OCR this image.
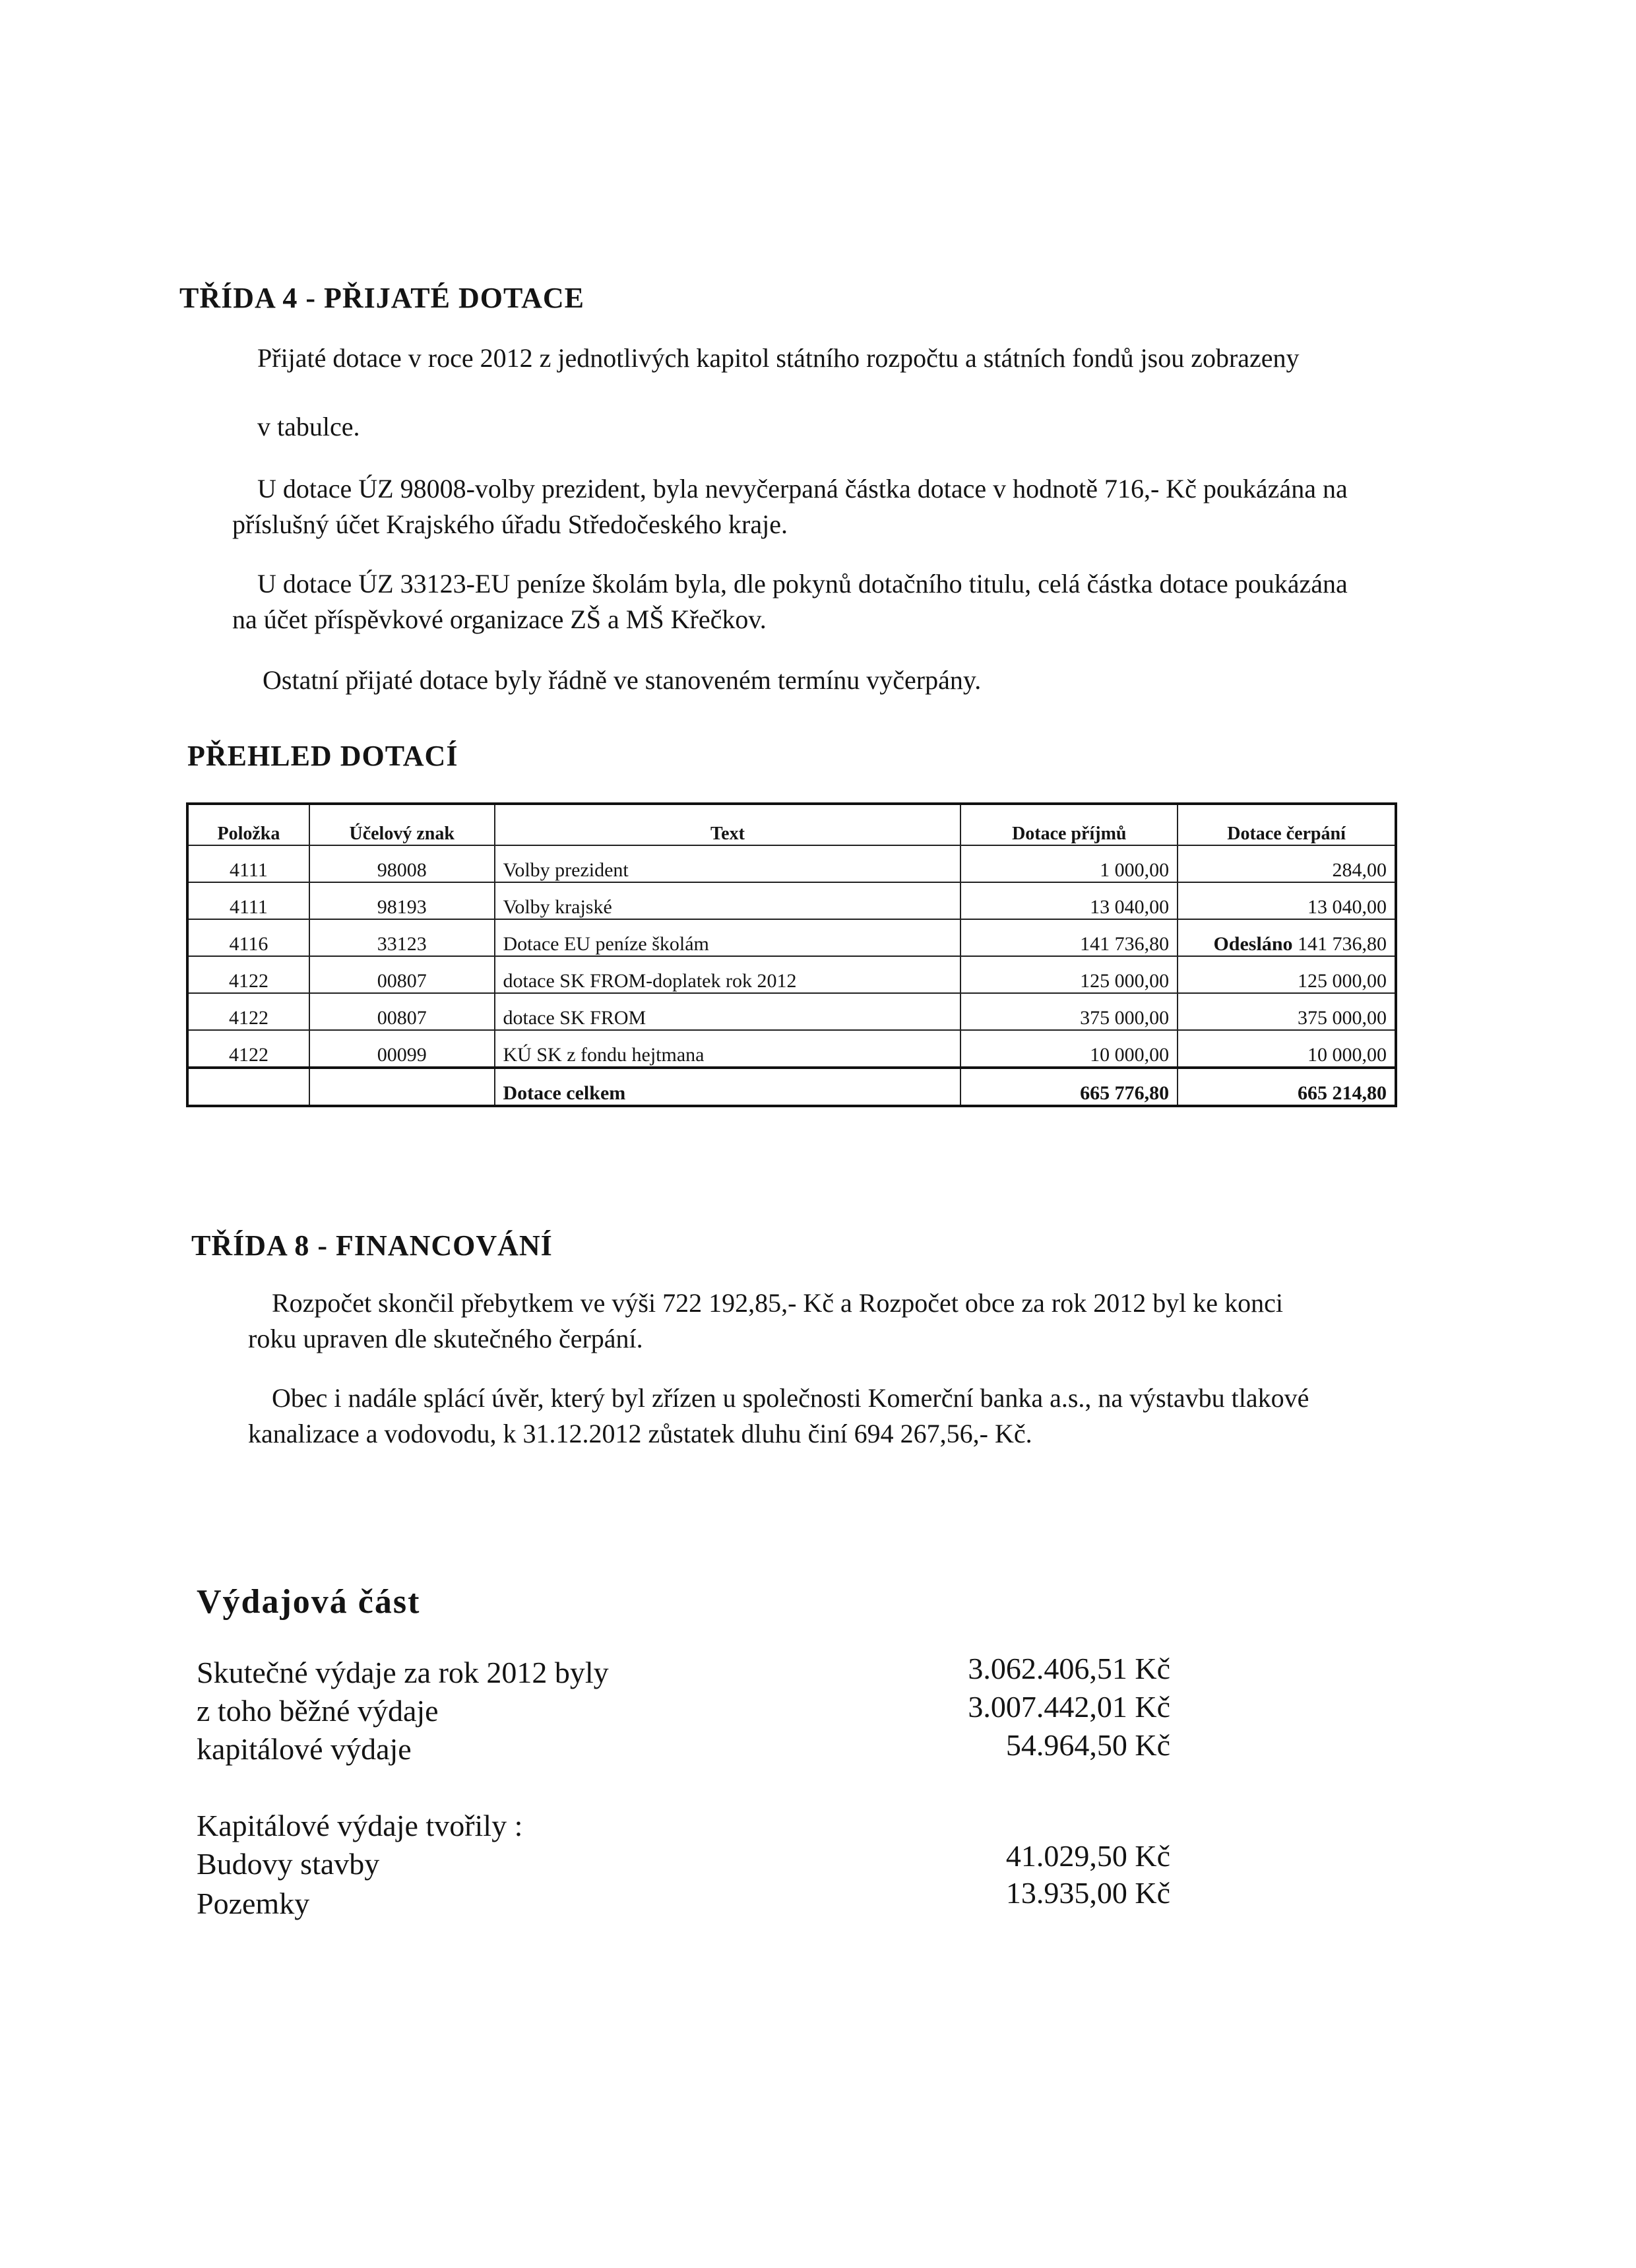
TŘÍDA 4 - PŘIJATÉ DOTACE
Přijaté dotace v roce 2012 z jednotlivých kapitol státního rozpočtu a státních fondů jsou zobrazeny
v tabulce.
U dotace ÚZ 98008-volby prezident, byla nevyčerpaná částka dotace v hodnotě 716,- Kč poukázána na
příslušný účet Krajského úřadu Středočeského kraje.
U dotace ÚZ 33123-EU peníze školám byla, dle pokynů dotačního titulu, celá částka dotace poukázána
na účet příspěvkové organizace ZŠ a MŠ Křečkov.
Ostatní přijaté dotace byly řádně ve stanoveném termínu vyčerpány.
PŘEHLED DOTACÍ
Položka	Účelový znak	Text	Dotace příjmů	Dotace čerpání
4111	98008	Volby prezident	1 000,00	284,00
4111	98193	Volby krajské	13 040,00	13 040,00
4116	33123	Dotace EU peníze školám	141 736,80	Odesláno 141 736,80
4122	00807	dotace SK FROM-doplatek rok 2012	125 000,00	125 000,00
4122	00807	dotace SK FROM	375 000,00	375 000,00
4122	00099	KÚ SK z fondu hejtmana	10 000,00	10 000,00
		Dotace celkem	665 776,80	665 214,80
TŘÍDA 8 - FINANCOVÁNÍ
Rozpočet skončil přebytkem ve výši 722 192,85,- Kč a Rozpočet obce za rok 2012 byl ke konci
roku upraven dle skutečného čerpání.
Obec i nadále splácí úvěr, který byl zřízen u společnosti Komerční banka a.s., na výstavbu tlakové
kanalizace a vodovodu, k 31.12.2012 zůstatek dluhu činí 694 267,56,- Kč.
Výdajová část
Skutečné výdaje za rok 2012 byly	3.062.406,51 Kč
z toho běžné výdaje	3.007.442,01 Kč
kapitálové výdaje	54.964,50 Kč
Kapitálové výdaje tvořily :
Budovy stavby	41.029,50 Kč
Pozemky	13.935,00 Kč
